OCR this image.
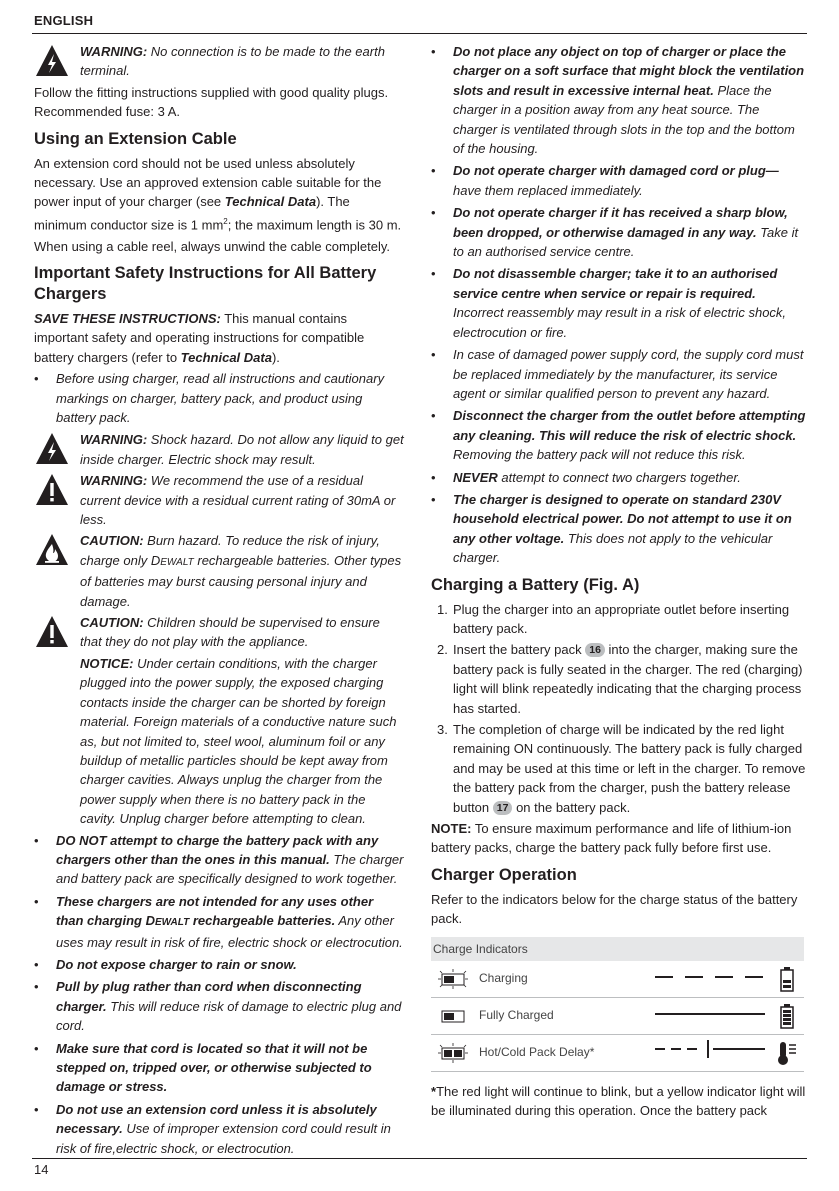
ENGLISH
WARNING: No connection is to be made to the earth terminal.

Follow the fitting instructions supplied with good quality plugs. Recommended fuse: 3 A.

Using an Extension Cable

An extension cord should not be used unless absolutely necessary. Use an approved extension cable suitable for the power input of your charger (see Technical Data). The minimum conductor size is 1 $mm^2$; the maximum length is 30 m.

When using a cable reel, always unwind the cable completely.

Important Safety Instructions for All Battery Chargers

SAVE THESE INSTRUCTIONS: This manual contains important safety and operating instructions for compatible battery chargers (refer to Technical Data).

• Before using charger, read all instructions and cautionary markings on charger, battery pack, and product using battery pack.
WARNING: Shock hazard. Do not allow any liquid to get inside charger. Electric shock may result.
WARNING: We recommend the use of a residual current device with a residual current rating of 30mA or less.
CAUTION: Burn hazard. To reduce the risk of injury, charge only DEWALT rechargeable batteries. Other types of batteries may burst causing personal injury and damage.
CAUTION: Children should be supervised to ensure that they do not play with the appliance.
NOTICE: Under certain conditions, with the charger plugged into the power supply, the exposed charging contacts inside the charger can be shorted by foreign material. Foreign materials of a conductive nature such as, but not limited to, steel wool, aluminum foil or any buildup of metallic particles should be kept away from charger cavities. Always unplug the charger from the power supply when there is no battery pack in the cavity. Unplug charger before attempting to clean.
• DO NOT attempt to charge the battery pack with any chargers other than the ones in this manual. The charger and battery pack are specifically designed to work together.
• These chargers are not intended for any uses other than charging DEWALT rechargeable batteries. Any other uses may result in risk of fire, electric shock or electrocution.
• Do not expose charger to rain or snow.
• Pull by plug rather than cord when disconnecting charger. This will reduce risk of damage to electric plug and cord.
• Make sure that cord is located so that it will not be stepped on, tripped over, or otherwise subjected to damage or stress.
• Do not use an extension cord unless it is absolutely necessary. Use of improper extension cord could result in risk of fire,electric shock, or electrocution.
• Do not place any object on top of charger or place the charger on a soft surface that might block the ventilation slots and result in excessive internal heat. Place the charger in a position away from any heat source. The charger is ventilated through slots in the top and the bottom of the housing.
• Do not operate charger with damaged cord or plug— have them replaced immediately.
• Do not operate charger if it has received a sharp blow, been dropped, or otherwise damaged in any way. Take it to an authorised service centre.
• Do not disassemble charger; take it to an authorised service centre when service or repair is required. Incorrect reassembly may result in a risk of electric shock, electrocution or fire.
• In case of damaged power supply cord, the supply cord must be replaced immediately by the manufacturer, its service agent or similar qualified person to prevent any hazard.
• Disconnect the charger from the outlet before attempting any cleaning. This will reduce the risk of electric shock. Removing the battery pack will not reduce this risk.
• NEVER attempt to connect two chargers together.
• The charger is designed to operate on standard 230V household electrical power. Do not attempt to use it on any other voltage. This does not apply to the vehicular charger.
Charging a Battery (Fig. A)
1. Plug the charger into an appropriate outlet before inserting battery pack.
2. Insert the battery pack 16 into the charger, making sure the battery pack is fully seated in the charger. The red (charging) light will blink repeatedly indicating that the charging process has started.
3. The completion of charge will be indicated by the red light remaining ON continuously. The battery pack is fully charged and may be used at this time or left in the charger. To remove the battery pack from the charger, push the battery release button 17 on the battery pack.

NOTE: To ensure maximum performance and life of lithium-ion battery packs, charge the battery pack fully before first use.

Charger Operation

Refer to the indicators below for the charge status of the battery pack.

Charge Indicators
Charging
Fully Charged
Hot/Cold Pack Delay*

*The red light will continue to blink, but a yellow indicator light will be illuminated during this operation. Once the battery pack

14
